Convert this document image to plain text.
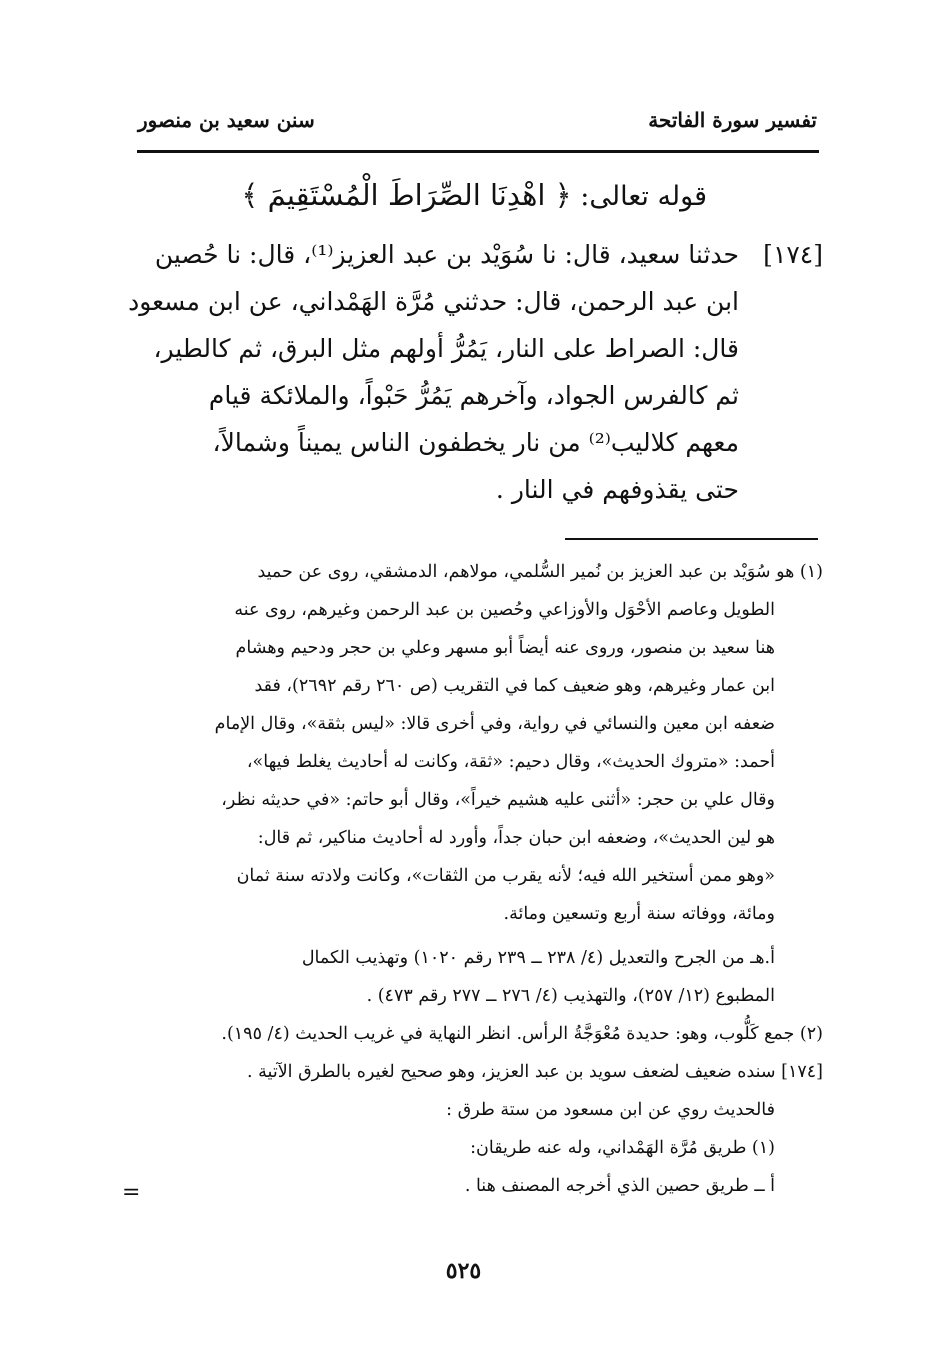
تفسير سورة الفاتحة
سنن سعيد بن منصور
قوله تعالى: ﴿ اهْدِنَا الصِّرَاطَ الْمُسْتَقِيمَ ﴾
[١٧٤]
حدثنا سعيد، قال: نا سُوَيْد بن عبد العزيز⁽¹⁾، قال: نا حُصين
ابن عبد الرحمن، قال: حدثني مُرَّة الهَمْداني، عن ابن مسعود
قال: الصراط على النار، يَمُرُّ أولهم مثل البرق، ثم كالطير،
ثم كالفرس الجواد، وآخرهم يَمُرُّ حَبْواً، والملائكة قيام
معهم كلاليب⁽²⁾ من نار يخطفون الناس يميناً وشمالاً،
حتى يقذوفهم في النار .
(١) هو سُوَيْد بن عبد العزيز بن نُمير السُّلمي، مولاهم، الدمشقي، روى عن حميد
الطويل وعاصم الأحْوَل والأوزاعي وحُصين بن عبد الرحمن وغيرهم، روى عنه
هنا سعيد بن منصور، وروى عنه أيضاً أبو مسهر وعلي بن حجر ودحيم وهشام
ابن عمار وغيرهم، وهو ضعيف كما في التقريب (ص ٢٦٠ رقم ٢٦٩٢)، فقد
ضعفه ابن معين والنسائي في رواية، وفي أخرى قالا: «ليس بثقة»، وقال الإمام
أحمد: «متروك الحديث»، وقال دحيم: «ثقة، وكانت له أحاديث يغلط فيها»،
وقال علي بن حجر: «أثنى عليه هشيم خيراً»، وقال أبو حاتم: «في حديثه نظر،
هو لين الحديث»، وضعفه ابن حبان جداً، وأورد له أحاديث مناكير، ثم قال:
«وهو ممن أستخير الله فيه؛ لأنه يقرب من الثقات»، وكانت ولادته سنة ثمان
ومائة، ووفاته سنة أربع وتسعين ومائة.
أ.هـ من الجرح والتعديل (٤/ ٢٣٨ ــ ٢٣٩ رقم ١٠٢٠) وتهذيب الكمال
المطبوع (١٢/ ٢٥٧)، والتهذيب (٤/ ٢٧٦ ــ ٢٧٧ رقم ٤٧٣) .
(٢) جمع كَلُّوب، وهو: حديدة مُعْوَجَّةُ الرأس. انظر النهاية في غريب الحديث (٤/ ١٩٥).
[١٧٤] سنده ضعيف لضعف سويد بن عبد العزيز، وهو صحيح لغيره بالطرق الآتية .
فالحديث روي عن ابن مسعود من ستة طرق :
(١) طريق مُرَّة الهَمْداني، وله عنه طريقان:
أ ــ طريق حصين الذي أخرجه المصنف هنا .
=
٥٢٥
